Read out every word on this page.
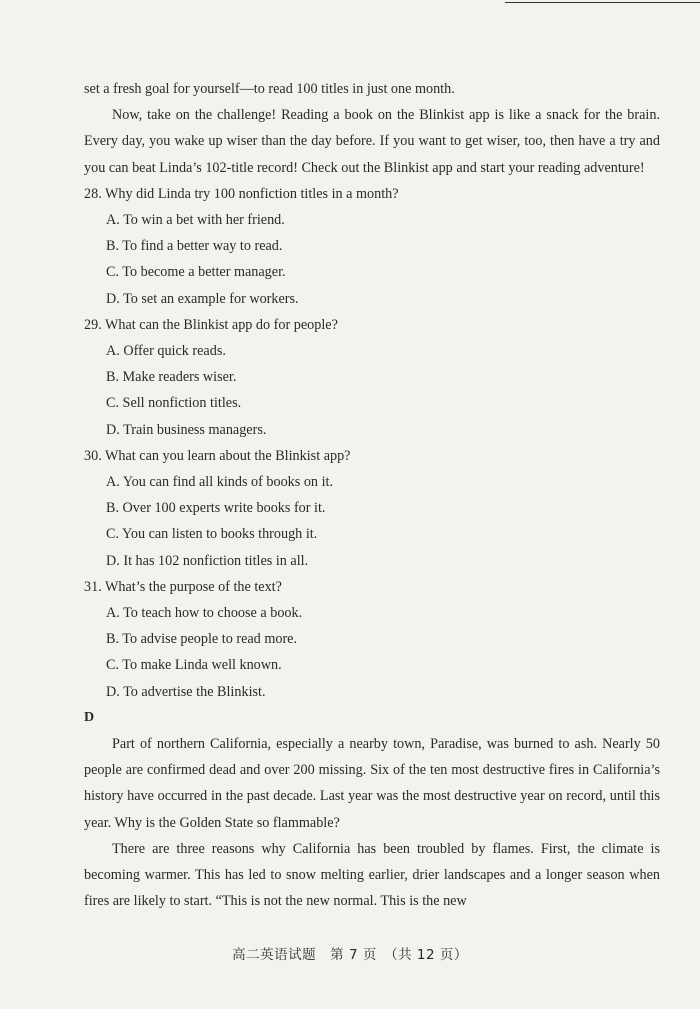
set a fresh goal for yourself—to read 100 titles in just one month.

Now, take on the challenge! Reading a book on the Blinkist app is like a snack for the brain. Every day, you wake up wiser than the day before. If you want to get wiser, too, then have a try and you can beat Linda’s 102-title record! Check out the Blinkist app and start your reading adventure!

28. Why did Linda try 100 nonfiction titles in a month?

A. To win a bet with her friend.

B. To find a better way to read.

C. To become a better manager.

D. To set an example for workers.

29. What can the Blinkist app do for people?

A. Offer quick reads.

B. Make readers wiser.

C. Sell nonfiction titles.

D. Train business managers.

30. What can you learn about the Blinkist app?

A. You can find all kinds of books on it.

B. Over 100 experts write books for it.

C. You can listen to books through it.

D. It has 102 nonfiction titles in all.

31. What’s the purpose of the text?

A. To teach how to choose a book.

B. To advise people to read more.

C. To make Linda well known.

D. To advertise the Blinkist.

D

Part of northern California, especially a nearby town, Paradise, was burned to ash. Nearly 50 people are confirmed dead and over 200 missing. Six of the ten most destructive fires in California’s history have occurred in the past decade. Last year was the most destructive year on record, until this year. Why is the Golden State so flammable?

There are three reasons why California has been troubled by flames. First, the climate is becoming warmer. This has led to snow melting earlier, drier landscapes and a longer season when fires are likely to start. “This is not the new normal. This is the new

高二英语试题　第 7 页　（共 12 页）
